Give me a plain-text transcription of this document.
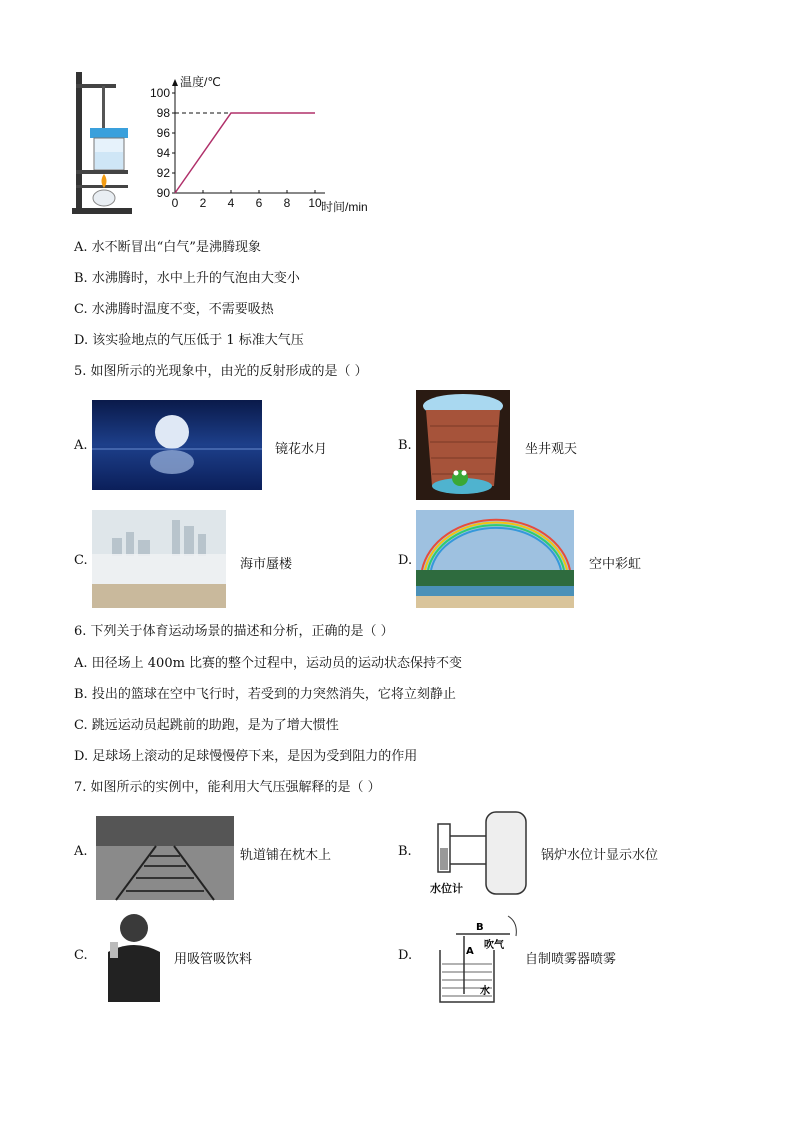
90
92
94
96
98
100
0 2 4 6 8 10
温度/℃
时间/min
A. 水不断冒出“白气”是沸腾现象
B. 水沸腾时，水中上升的气泡由大变小
C. 水沸腾时温度不变，不需要吸热
D. 该实验地点的气压低于 1 标准大气压
5. 如图所示的光现象中，由光的反射形成的是（ ）
A.	镜花水月	B.	坐井观天
C.	海市蜃楼	D.	空中彩虹
6. 下列关于体育运动场景的描述和分析，正确的是（ ）
A. 田径场上 400m 比赛的整个过程中，运动员的运动状态保持不变
B. 投出的篮球在空中飞行时，若受到的力突然消失，它将立刻静止
C. 跳远运动员起跳前的助跑，是为了增大惯性
D. 足球场上滚动的足球慢慢停下来，是因为受到阻力的作用
7. 如图所示的实例中，能利用大气压强解释的是（ ）
A.	轨道铺在枕木上	B.
水位计
锅炉水位计显示水位
C.	用吸管吸饮料	D.
B
A
吹气
水
自制喷雾器喷雾
